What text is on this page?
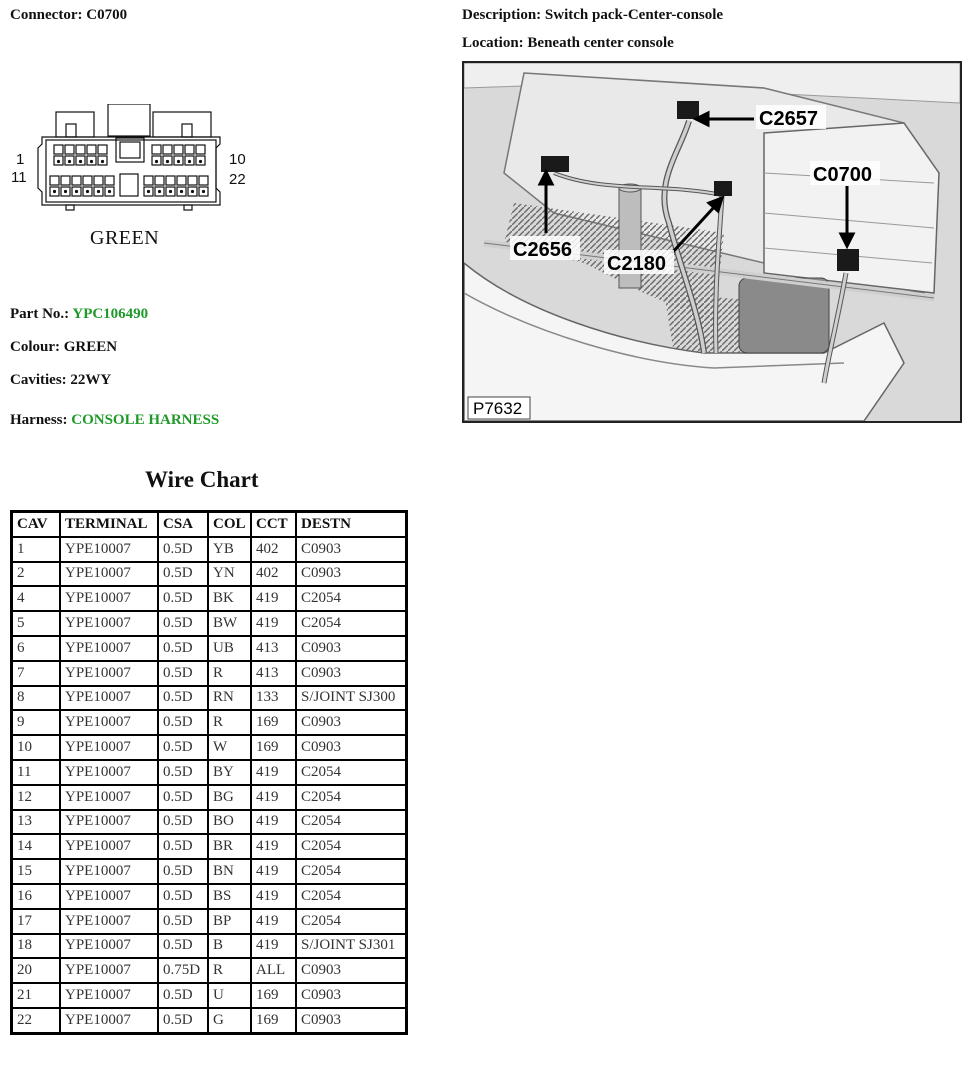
Connector: C0700	Description: Switch pack-Center-console
Location: Beneath center console
1
11
10
22
GREEN
Part No.: YPC106490
Colour: GREEN
Cavities: 22WY
Harness: CONSOLE HARNESS
C2657
C0700
C2656
C2180
P7632
Wire Chart
CAV	TERMINAL	CSA	COL	CCT	DESTN
1	YPE10007	0.5D	YB	402	C0903
2	YPE10007	0.5D	YN	402	C0903
4	YPE10007	0.5D	BK	419	C2054
5	YPE10007	0.5D	BW	419	C2054
6	YPE10007	0.5D	UB	413	C0903
7	YPE10007	0.5D	R	413	C0903
8	YPE10007	0.5D	RN	133	S/JOINT SJ300
9	YPE10007	0.5D	R	169	C0903
10	YPE10007	0.5D	W	169	C0903
11	YPE10007	0.5D	BY	419	C2054
12	YPE10007	0.5D	BG	419	C2054
13	YPE10007	0.5D	BO	419	C2054
14	YPE10007	0.5D	BR	419	C2054
15	YPE10007	0.5D	BN	419	C2054
16	YPE10007	0.5D	BS	419	C2054
17	YPE10007	0.5D	BP	419	C2054
18	YPE10007	0.5D	B	419	S/JOINT SJ301
20	YPE10007	0.75D	R	ALL	C0903
21	YPE10007	0.5D	U	169	C0903
22	YPE10007	0.5D	G	169	C0903
